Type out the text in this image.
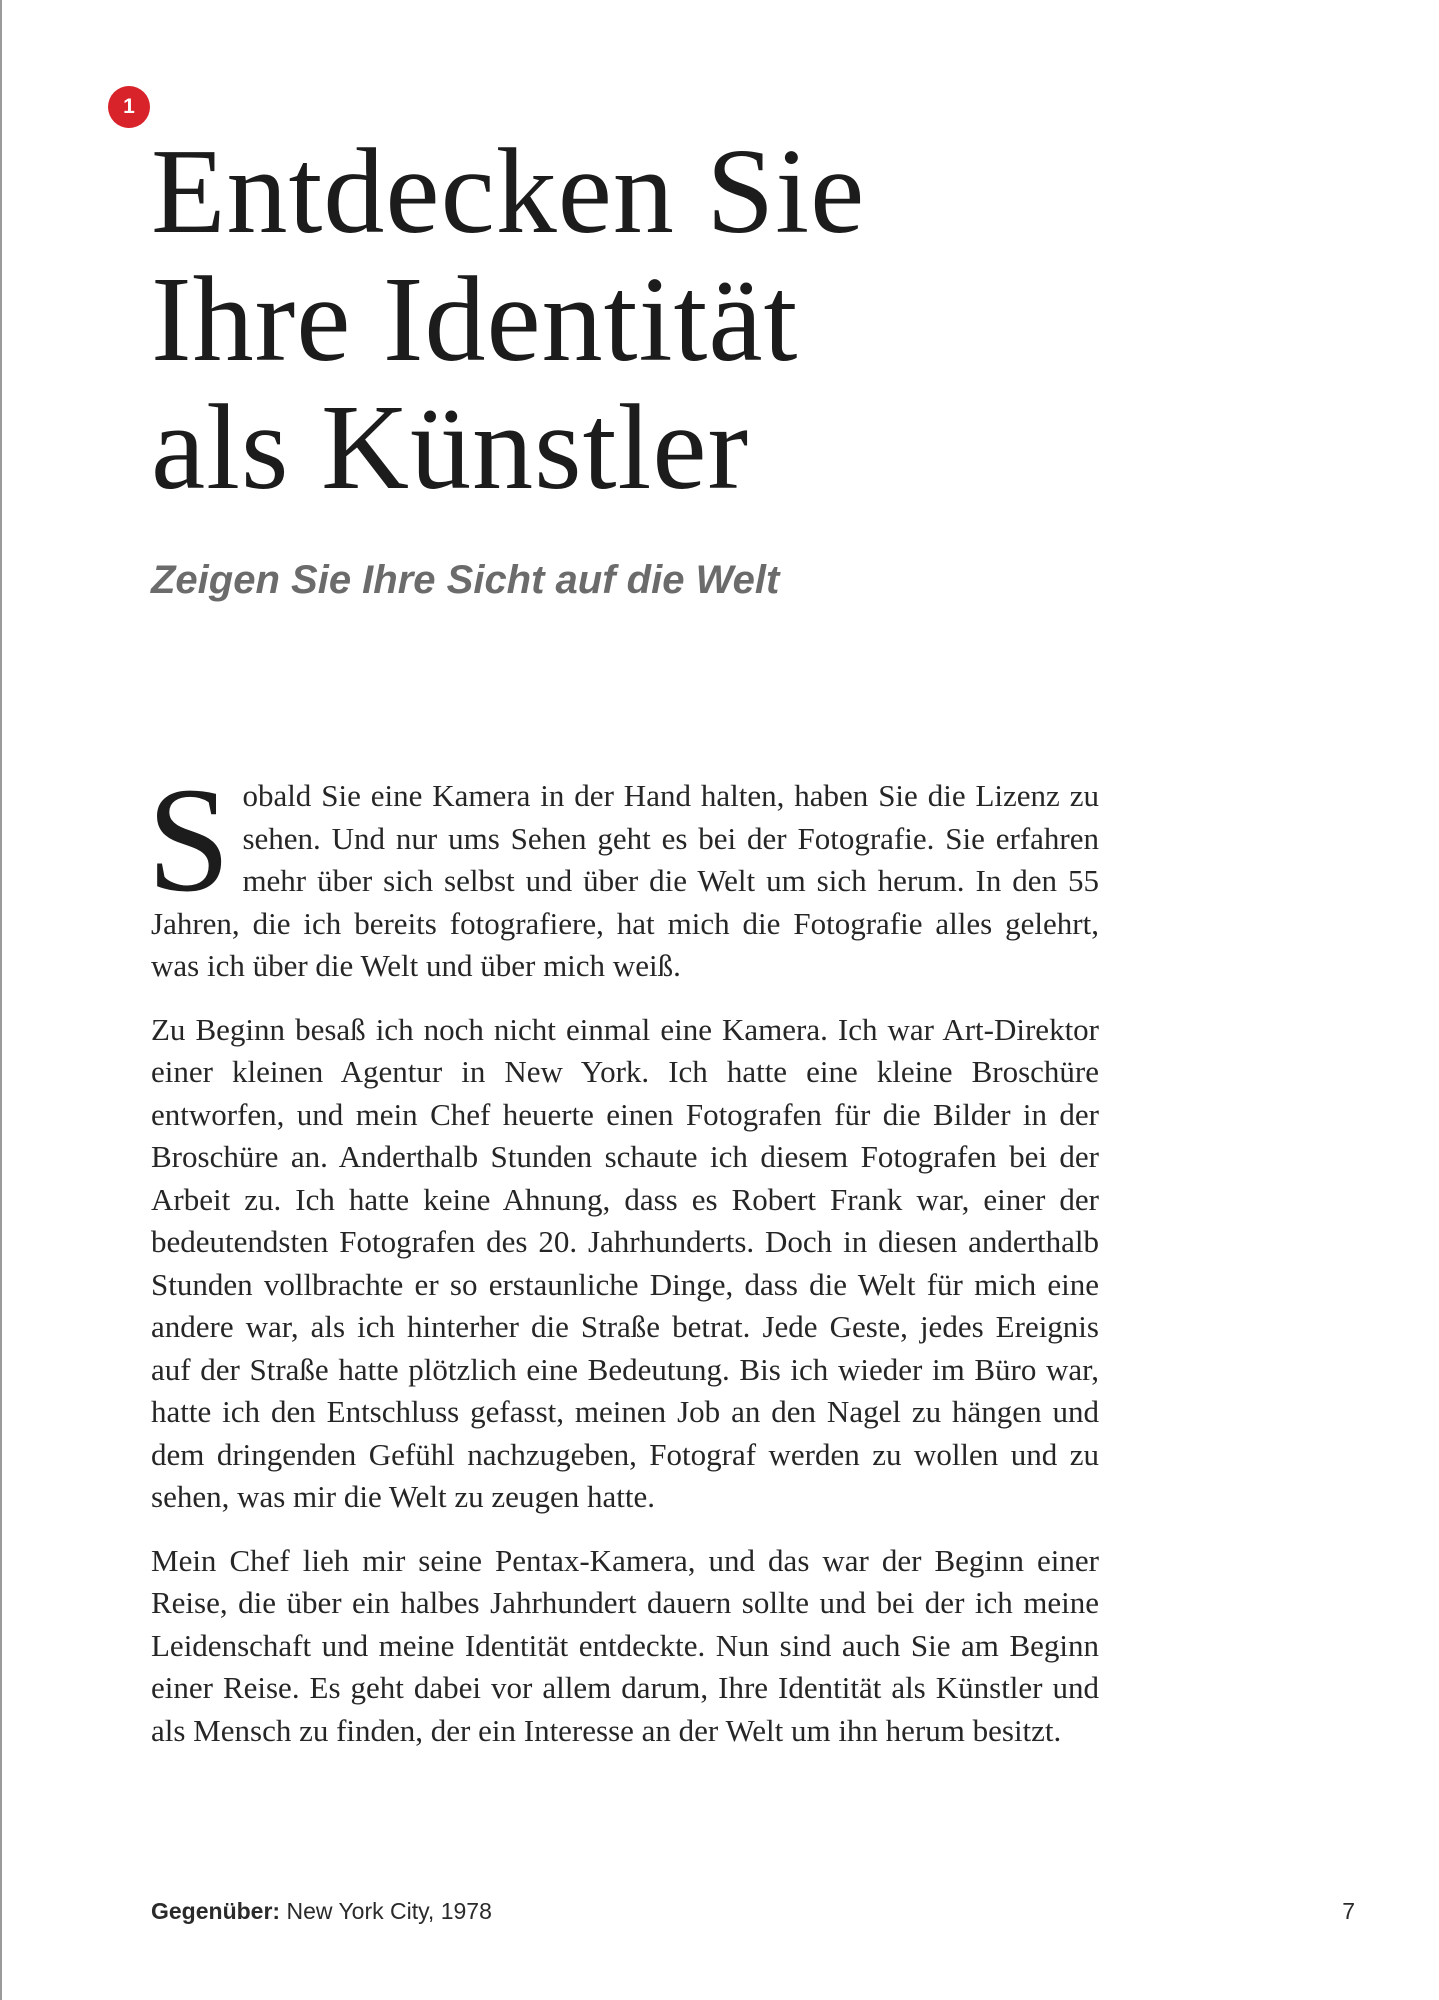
1
Entdecken Sie
Ihre Identität
als Künstler
Zeigen Sie Ihre Sicht auf die Welt

Sobald Sie eine Kamera in der Hand halten, haben Sie die Lizenz zu sehen. Und nur ums Sehen geht es bei der Fotografie. Sie erfahren mehr über sich selbst und über die Welt um sich herum. In den 55 Jahren, die ich bereits fotografiere, hat mich die Fotografie alles gelehrt, was ich über die Welt und über mich weiß.

Zu Beginn besaß ich noch nicht einmal eine Kamera. Ich war Art-Direktor einer kleinen Agentur in New York. Ich hatte eine kleine Broschüre entworfen, und mein Chef heuerte einen Fotografen für die Bilder in der Broschüre an. Anderthalb Stunden schaute ich diesem Fotografen bei der Arbeit zu. Ich hatte keine Ahnung, dass es Robert Frank war, einer der bedeutendsten Fotografen des 20. Jahrhunderts. Doch in diesen anderthalb Stunden vollbrachte er so erstaunliche Dinge, dass die Welt für mich eine andere war, als ich hinterher die Straße betrat. Jede Geste, jedes Ereignis auf der Straße hatte plötzlich eine Bedeutung. Bis ich wieder im Büro war, hatte ich den Entschluss gefasst, meinen Job an den Nagel zu hängen und dem dringenden Gefühl nachzugeben, Fotograf werden zu wollen und zu sehen, was mir die Welt zu zeugen hatte.

Mein Chef lieh mir seine Pentax-Kamera, und das war der Beginn einer Reise, die über ein halbes Jahrhundert dauern sollte und bei der ich meine Leidenschaft und meine Identität entdeckte. Nun sind auch Sie am Beginn einer Reise. Es geht dabei vor allem darum, Ihre Identität als Künstler und als Mensch zu finden, der ein Interesse an der Welt um ihn herum besitzt.

Gegenüber: New York City, 1978	7
